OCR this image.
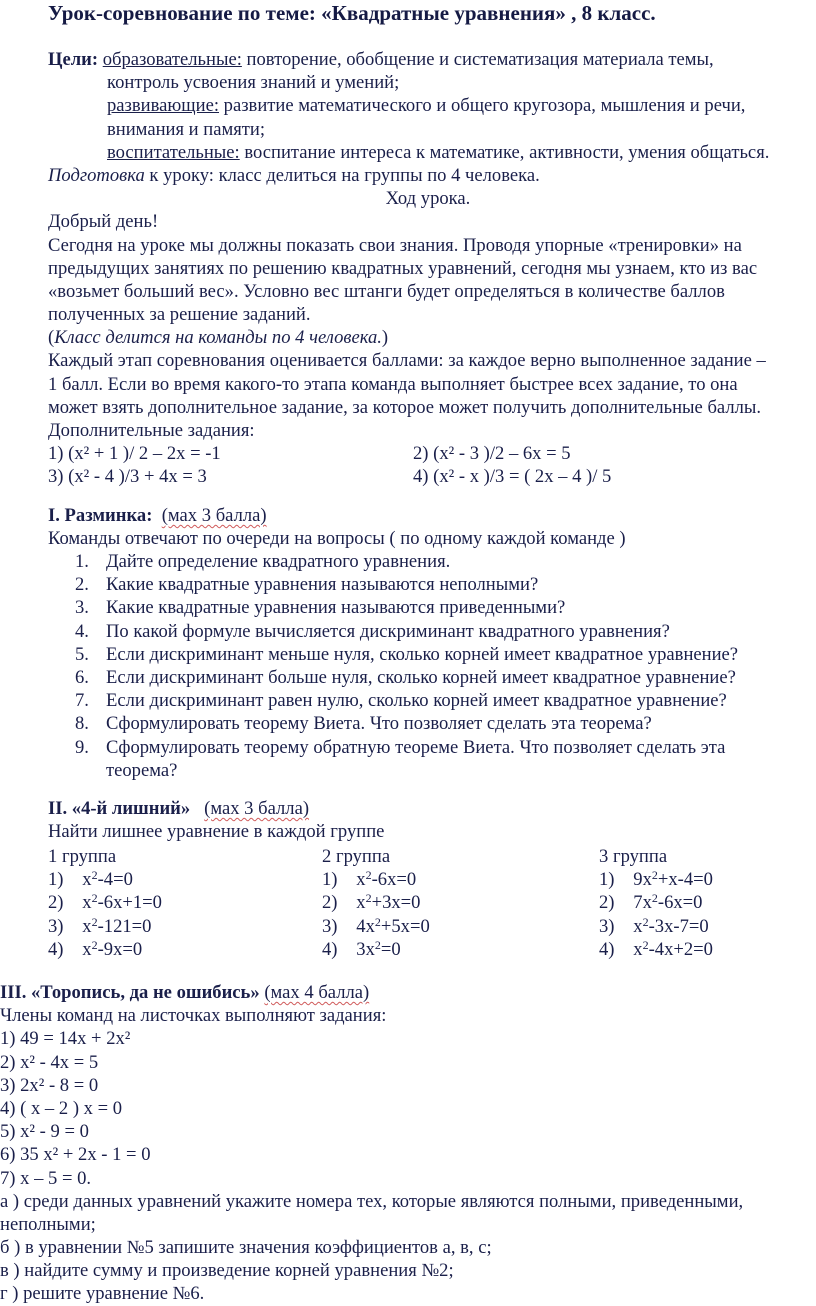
Урок-соревнование по теме: «Квадратные уравнения» , 8 класс.
Цели: образовательные: повторение, обобщение и систематизация материала темы,
контроль усвоения знаний и умений;
развивающие: развитие математического и общего кругозора, мышления и речи,
внимания и памяти;
воспитательные: воспитание интереса к математике, активности, умения общаться.
Подготовка к уроку: класс делиться на группы по 4 человека.
Ход урока.
Добрый день!
Сегодня на уроке мы должны показать свои знания. Проводя упорные «тренировки» на
предыдущих занятиях по решению квадратных уравнений, сегодня мы узнаем, кто из вас
«возьмет больший вес». Условно вес штанги будет определяться в количестве баллов
полученных за решение заданий.
(Класс делится на команды по 4 человека.)
Каждый этап соревнования оценивается баллами: за каждое верно выполненное задание –
1 балл. Если во время какого-то этапа команда выполняет быстрее всех задание, то она
может взять дополнительное задание, за которое может получить дополнительные баллы.
Дополнительные задания:
1) (x² + 1 )/ 2 – 2x = -1	2) (x² - 3 )/2 – 6x = 5
3) (x² - 4 )/3 + 4x = 3	4) (x² - x )/3 = ( 2x – 4 )/ 5
I. Разминка: (мах 3 балла)
Команды отвечают по очереди на вопросы ( по одному каждой команде )
1. Дайте определение квадратного уравнения.
2. Какие квадратные уравнения называются неполными?
3. Какие квадратные уравнения называются приведенными?
4. По какой формуле вычисляется дискриминант квадратного уравнения?
5. Если дискриминант меньше нуля, сколько корней имеет квадратное уравнение?
6. Если дискриминант больше нуля, сколько корней имеет квадратное уравнение?
7. Если дискриминант равен нулю, сколько корней имеет квадратное уравнение?
8. Сформулировать теорему Виета. Что позволяет сделать эта теорема?
9. Сформулировать теорему обратную теореме Виета. Что позволяет сделать эта
теорема?
II. «4-й лишний» (мах 3 балла)
Найти лишнее уравнение в каждой группе
1 группа
1) $x^2-4=0$
2) $x^2-6x+1=0$
3) $x^2-121=0$
4) $x^2-9x=0$
2 группа
1) $x^2-6x=0$
2) $x^2+3x=0$
3) $4x^2+5x=0$
4) $3x^2=0$
3 группа
1) $9x^2+x-4=0$
2) $7x^2-6x=0$
3) $x^2-3x-7=0$
4) $x^2-4x+2=0$
III. «Торопись, да не ошибись» (мах 4 балла)
Члены команд на листочках выполняют задания:
1) 49 = 14x + 2x²
2) x² - 4x = 5
3) 2x² - 8 = 0
4) ( x – 2 ) x = 0
5) x² - 9 = 0
6) 35 x² + 2x - 1 = 0
7) x – 5 = 0.
а ) среди данных уравнений укажите номера тех, которые являются полными, приведенными,
неполными;
б ) в уравнении №5 запишите значения коэффициентов а, в, с;
в ) найдите сумму и произведение корней уравнения №2;
г ) решите уравнение №6.
